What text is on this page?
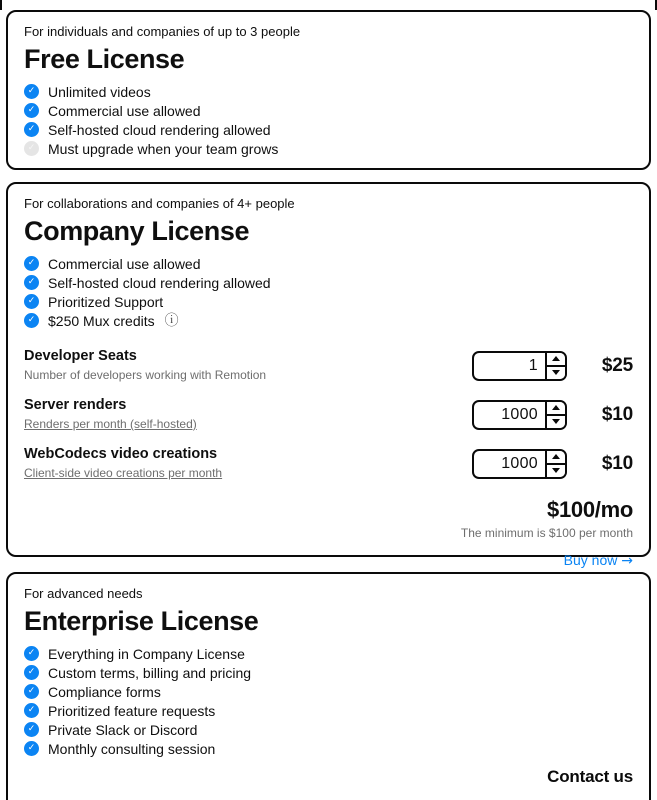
For individuals and companies of up to 3 people
Free License
✓ Unlimited videos
✓ Commercial use allowed
✓ Self-hosted cloud rendering allowed
✓ Must upgrade when your team grows
For collaborations and companies of 4+ people
Company License
✓ Commercial use allowed
✓ Self-hosted cloud rendering allowed
✓ Prioritized Support
✓ $250 Mux credits ⓘ
Developer Seats
Number of developers working with Remotion
1	$25
Server renders
Renders per month (self-hosted)
1000	$10
WebCodecs video creations
Client-side video creations per month
1000	$10
$100/mo
The minimum is $100 per month
Buy now →
For advanced needs
Enterprise License
✓ Everything in Company License
✓ Custom terms, billing and pricing
✓ Compliance forms
✓ Prioritized feature requests
✓ Private Slack or Discord
✓ Monthly consulting session
Contact us
